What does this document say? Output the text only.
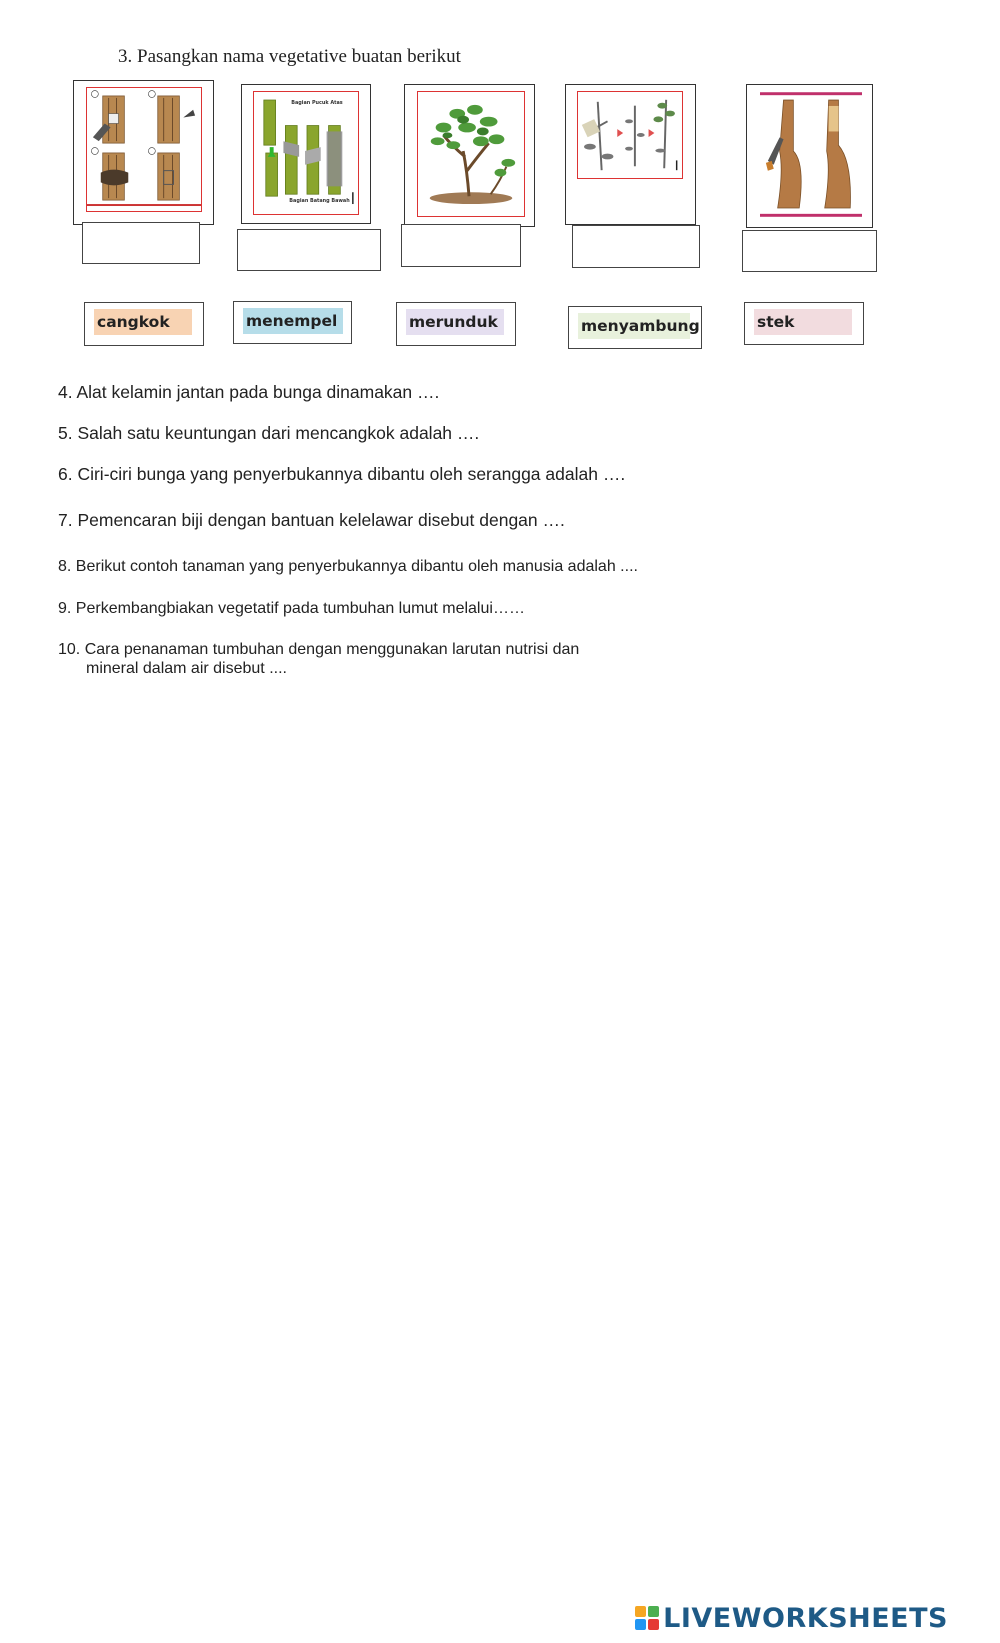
3. Pasangkan nama vegetative buatan berikut
Bagian Pucuk Atas
Bagian Batang Bawah
cangkok	menempel	merunduk	menyambung	stek
4. Alat kelamin jantan pada bunga dinamakan ….
5. Salah satu keuntungan dari mencangkok adalah ….
6. Ciri-ciri bunga yang penyerbukannya dibantu oleh serangga adalah ….
7. Pemencaran biji dengan bantuan kelelawar disebut dengan ….
8. Berikut contoh tanaman yang penyerbukannya dibantu oleh manusia adalah ....
9. Perkembangbiakan vegetatif pada tumbuhan lumut melalui……
10. Cara penanaman tumbuhan dengan menggunakan larutan nutrisi dan
mineral dalam air disebut ....
LIVEWORKSHEETS
